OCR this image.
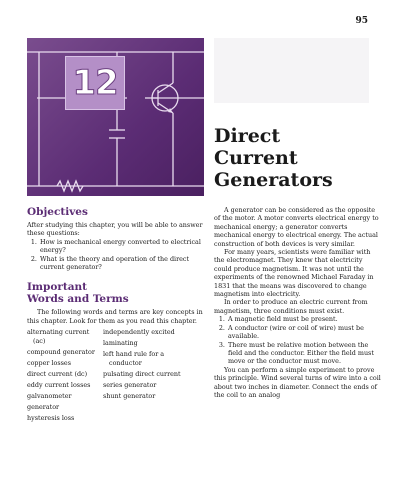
95
12
Direct
Current
Generators
Objectives

After studying this chapter, you will be able to answer these questions:

1. How is mechanical energy converted to electrical energy?
2. What is the theory and operation of the direct current generator?
Important
Words and Terms

The following words and terms are key concepts in this chapter. Look for them as you read this chapter.

alternating current (ac)
compound generator
copper losses
direct current (dc)
eddy current losses
galvanometer
generator
hysteresis loss
independently excited
laminating
left hand rule for a conductor
pulsating direct current
series generator
shunt generator

A generator can be considered as the opposite of the motor. A motor converts electrical energy to mechanical energy; a generator converts mechanical energy to electrical energy. The actual construction of both devices is very similar.

For many years, scientists were familiar with the electromagnet. They knew that electricity could produce magnetism. It was not until the experiments of the renowned Michael Faraday in 1831 that the means was discovered to change magnetism into electricity.

In order to produce an electric current from magnetism, three conditions must exist.

1. A magnetic field must be present.
2. A conductor (wire or coil of wire) must be available.
3. There must be relative motion between the field and the conductor. Either the field must move or the conductor must move.

You can perform a simple experiment to prove this principle. Wind several turns of wire into a coil about two inches in diameter. Connect the ends of the coil to an analog
